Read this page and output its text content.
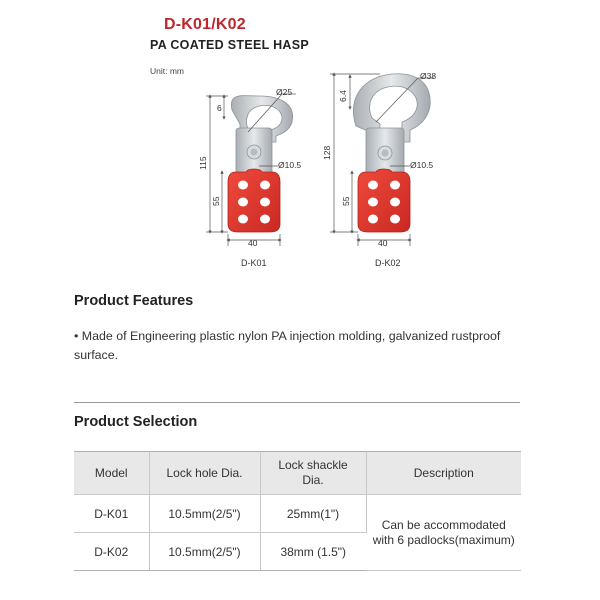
D-K01/K02
PA COATED STEEL HASP
Unit: mm
Ø25
Ø10.5
6
115
55
40
D-K01
Ø38
Ø10.5
6.4
128
55
40
D-K02
Product Features
• Made of Engineering plastic nylon PA injection molding, galvanized rustproof surface.
Product Selection
Model	Lock hole Dia.	Lock shackle Dia.	Description
D-K01	10.5mm(2/5")	25mm(1")	Can be accommodated with 6 padlocks(maximum)
D-K02	10.5mm(2/5")	38mm (1.5")	
